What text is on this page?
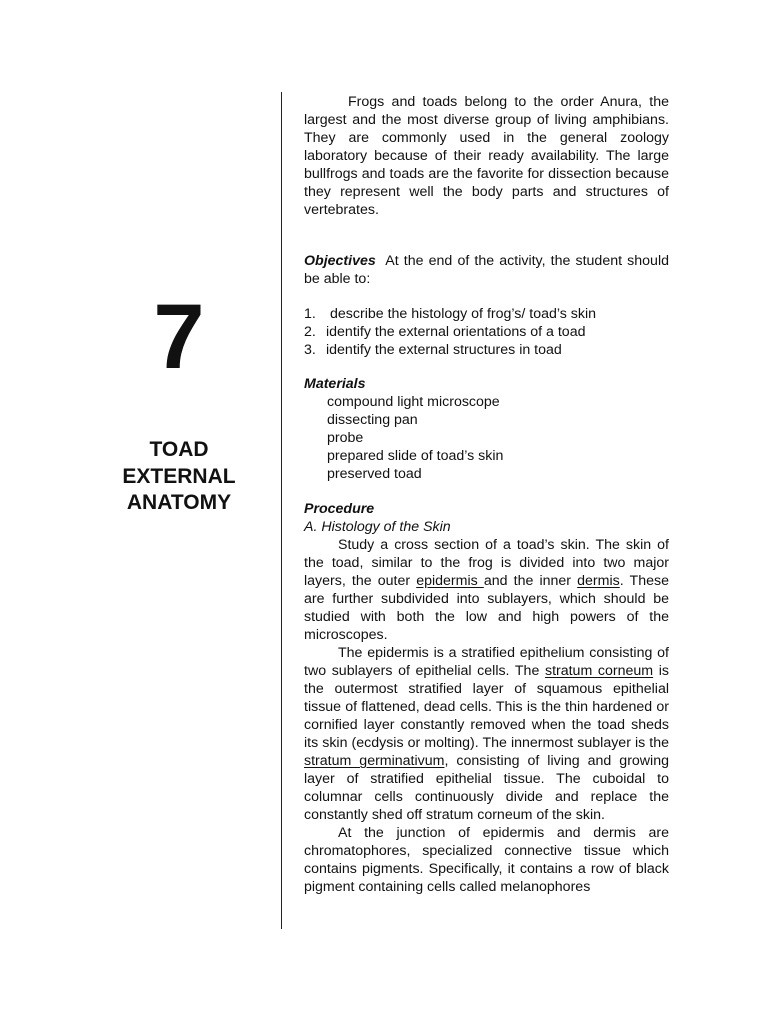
7
TOAD
EXTERNAL
ANATOMY

Frogs and toads belong to the order Anura, the largest and the most diverse group of living amphibians. They are commonly used in the general zoology laboratory because of their ready availability. The large bullfrogs and toads are the favorite for dissection because they represent well the body parts and structures of vertebrates.

Objectives At the end of the activity, the student should be able to:

1. describe the histology of frog’s/ toad’s skin
2. identify the external orientations of a toad
3. identify the external structures in toad
Materials
compound light microscope
dissecting pan
probe
prepared slide of toad’s skin
preserved toad
Procedure
A. Histology of the Skin

Study a cross section of a toad’s skin. The skin of the toad, similar to the frog is divided into two major layers, the outer epidermis and the inner dermis. These are further subdivided into sublayers, which should be studied with both the low and high powers of the microscopes.

The epidermis is a stratified epithelium consisting of two sublayers of epithelial cells. The stratum corneum is the outermost stratified layer of squamous epithelial tissue of flattened, dead cells. This is the thin hardened or cornified layer constantly removed when the toad sheds its skin (ecdysis or molting). The innermost sublayer is the stratum germinativum, consisting of living and growing layer of stratified epithelial tissue. The cuboidal to columnar cells continuously divide and replace the constantly shed off stratum corneum of the skin.

At the junction of epidermis and dermis are chromatophores, specialized connective tissue which contains pigments. Specifically, it contains a row of black pigment containing cells called melanophores
